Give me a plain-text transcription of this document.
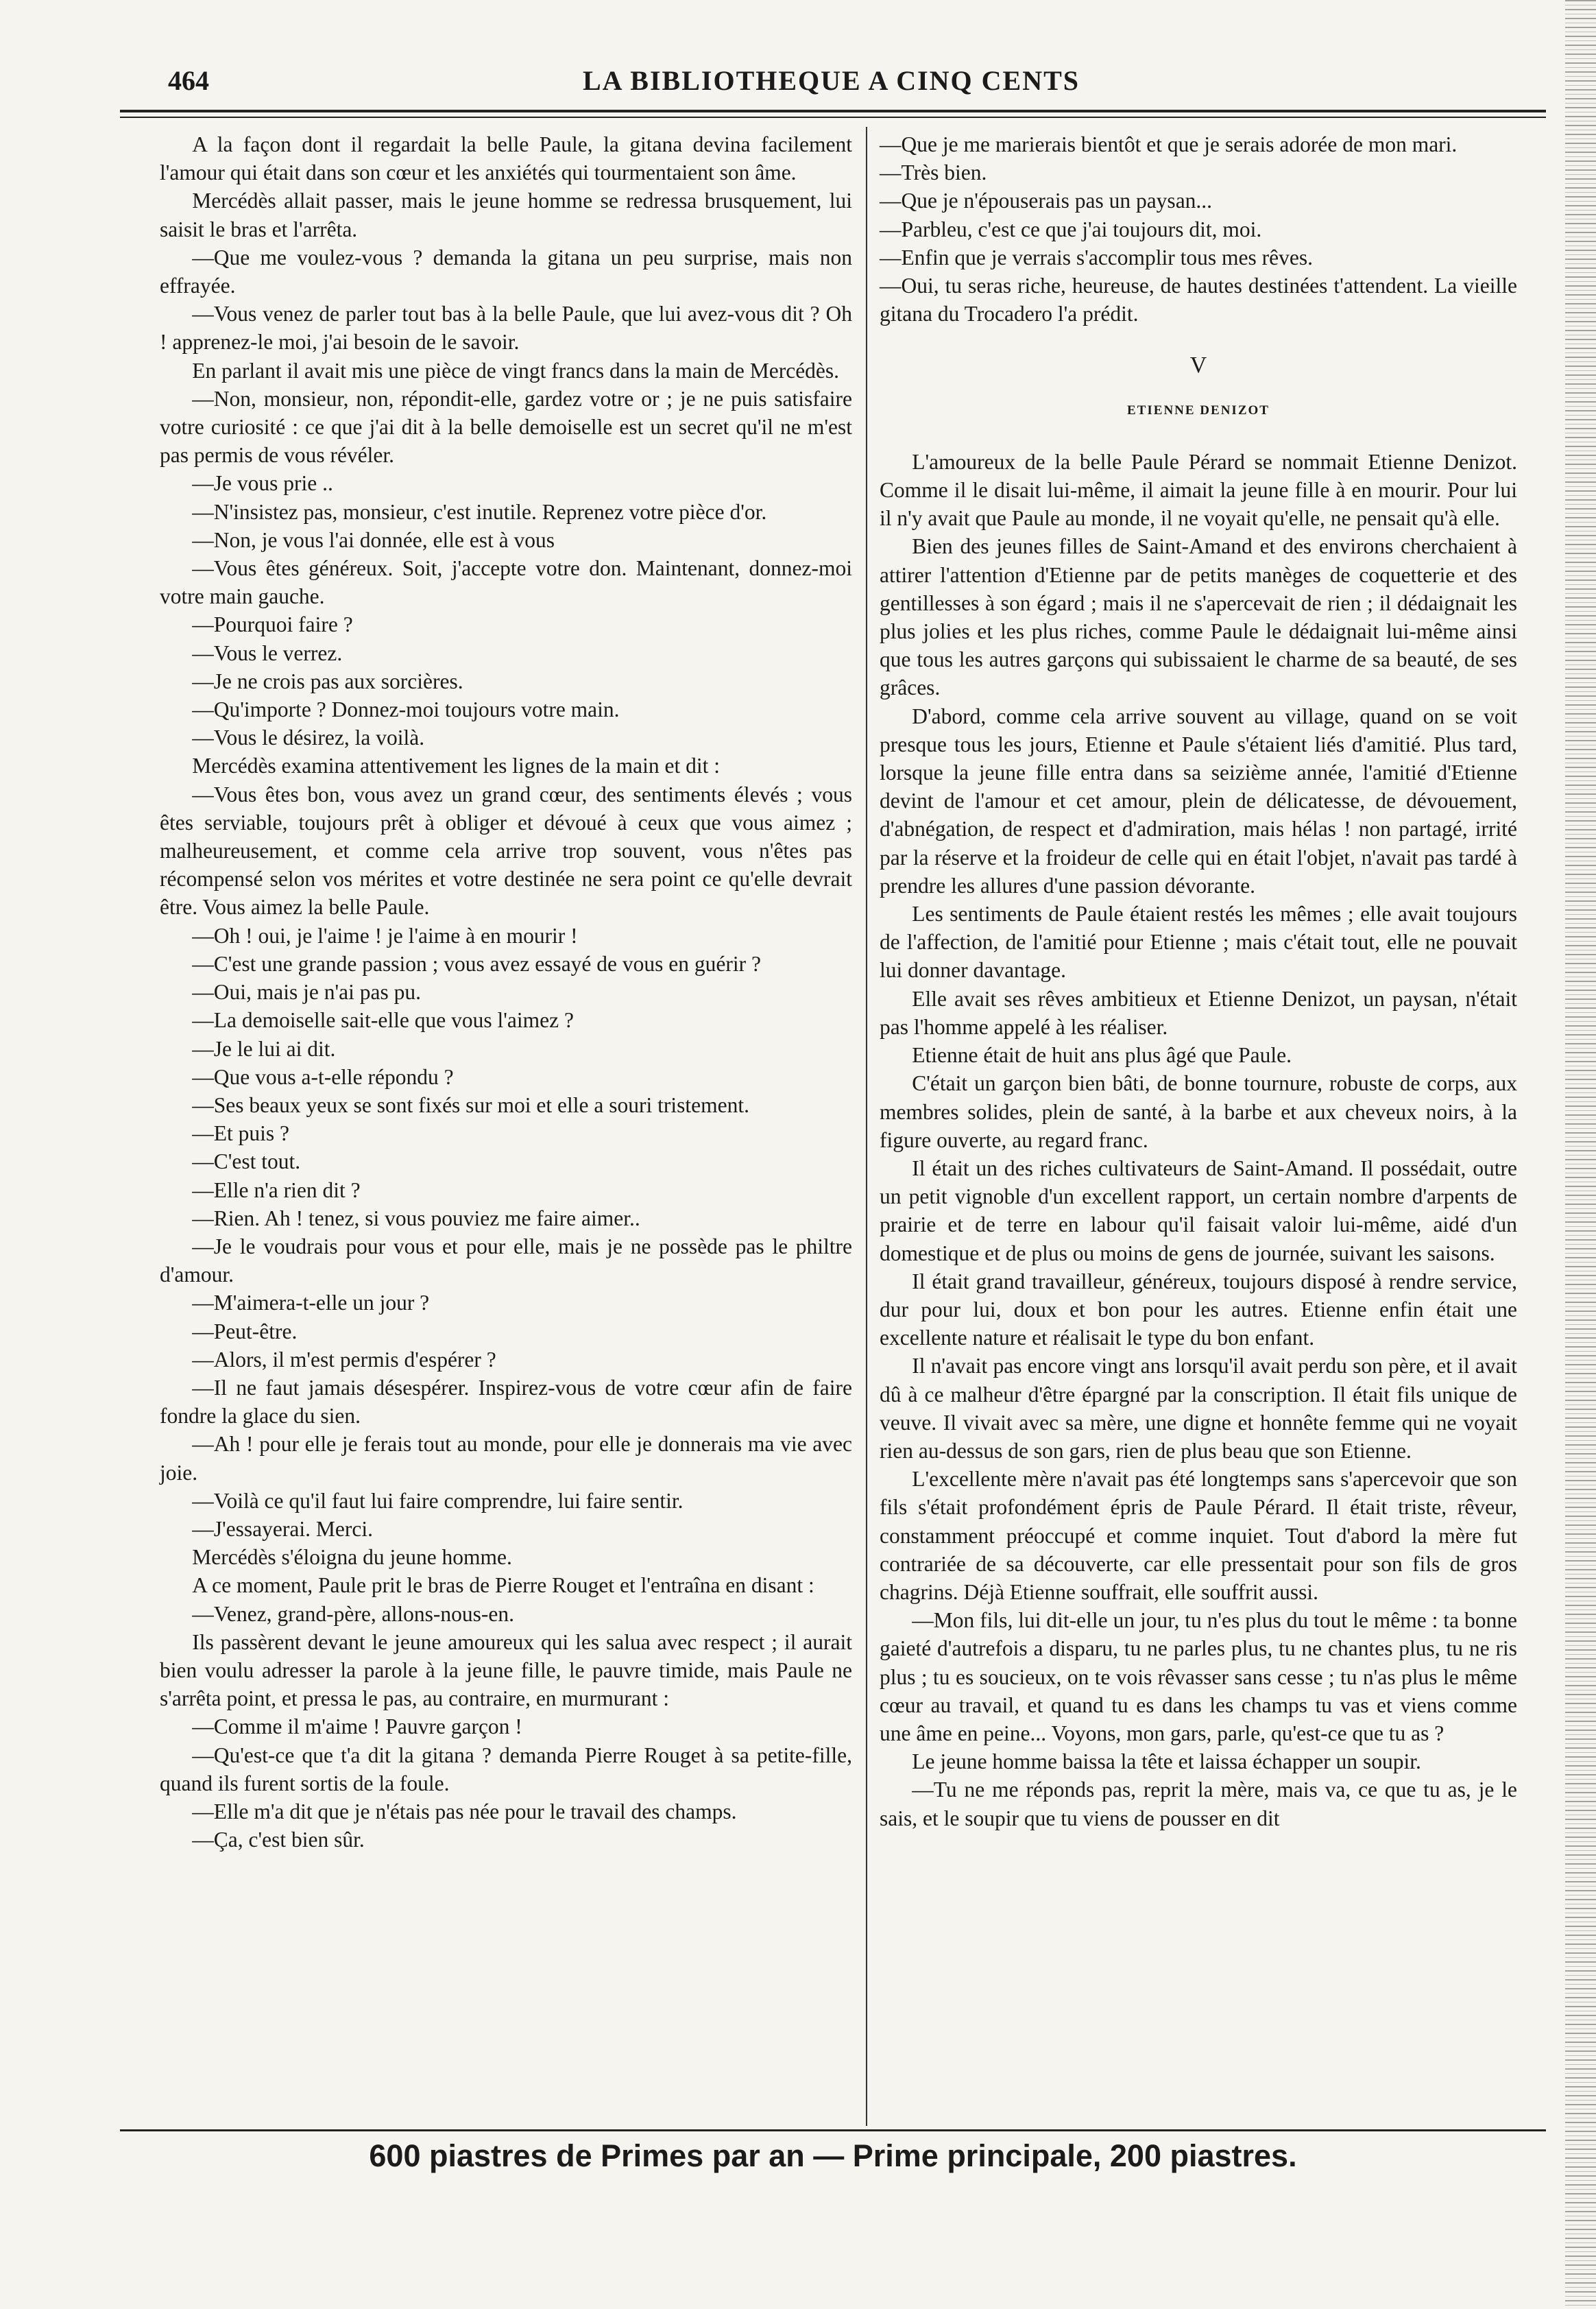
464	LA BIBLIOTHEQUE A CINQ CENTS

A la façon dont il regardait la belle Paule, la gitana devina facilement l'amour qui était dans son cœur et les anxiétés qui tourmentaient son âme.

Mercédès allait passer, mais le jeune homme se redressa brusquement, lui saisit le bras et l'arrêta.

—Que me voulez-vous ? demanda la gitana un peu surprise, mais non effrayée.

—Vous venez de parler tout bas à la belle Paule, que lui avez-vous dit ? Oh ! apprenez-le moi, j'ai besoin de le savoir.

En parlant il avait mis une pièce de vingt francs dans la main de Mercédès.

—Non, monsieur, non, répondit-elle, gardez votre or ; je ne puis satisfaire votre curiosité : ce que j'ai dit à la belle demoiselle est un secret qu'il ne m'est pas permis de vous révéler.

—Je vous prie ..

—N'insistez pas, monsieur, c'est inutile. Reprenez votre pièce d'or.

—Non, je vous l'ai donnée, elle est à vous

—Vous êtes généreux. Soit, j'accepte votre don. Maintenant, donnez-moi votre main gauche.

—Pourquoi faire ?

—Vous le verrez.

—Je ne crois pas aux sorcières.

—Qu'importe ? Donnez-moi toujours votre main.

—Vous le désirez, la voilà.

Mercédès examina attentivement les lignes de la main et dit :

—Vous êtes bon, vous avez un grand cœur, des sentiments élevés ; vous êtes serviable, toujours prêt à obliger et dévoué à ceux que vous aimez ; malheureusement, et comme cela arrive trop souvent, vous n'êtes pas récompensé selon vos mérites et votre destinée ne sera point ce qu'elle devrait être. Vous aimez la belle Paule.

—Oh ! oui, je l'aime ! je l'aime à en mourir !

—C'est une grande passion ; vous avez essayé de vous en guérir ?

—Oui, mais je n'ai pas pu.

—La demoiselle sait-elle que vous l'aimez ?

—Je le lui ai dit.

—Que vous a-t-elle répondu ?

—Ses beaux yeux se sont fixés sur moi et elle a souri tristement.

—Et puis ?

—C'est tout.

—Elle n'a rien dit ?

—Rien. Ah ! tenez, si vous pouviez me faire aimer..

—Je le voudrais pour vous et pour elle, mais je ne possède pas le philtre d'amour.

—M'aimera-t-elle un jour ?

—Peut-être.

—Alors, il m'est permis d'espérer ?

—Il ne faut jamais désespérer. Inspirez-vous de votre cœur afin de faire fondre la glace du sien.

—Ah ! pour elle je ferais tout au monde, pour elle je donnerais ma vie avec joie.

—Voilà ce qu'il faut lui faire comprendre, lui faire sentir.

—J'essayerai. Merci.

Mercédès s'éloigna du jeune homme.

A ce moment, Paule prit le bras de Pierre Rouget et l'entraîna en disant :

—Venez, grand-père, allons-nous-en.

Ils passèrent devant le jeune amoureux qui les salua avec respect ; il aurait bien voulu adresser la parole à la jeune fille, le pauvre timide, mais Paule ne s'arrêta point, et pressa le pas, au contraire, en murmurant :

—Comme il m'aime ! Pauvre garçon !

—Qu'est-ce que t'a dit la gitana ? demanda Pierre Rouget à sa petite-fille, quand ils furent sortis de la foule.

—Elle m'a dit que je n'étais pas née pour le travail des champs.

—Ça, c'est bien sûr.

—Que je me marierais bientôt et que je serais adorée de mon mari.

—Très bien.

—Que je n'épouserais pas un paysan...

—Parbleu, c'est ce que j'ai toujours dit, moi.

—Enfin que je verrais s'accomplir tous mes rêves.

—Oui, tu seras riche, heureuse, de hautes destinées t'attendent. La vieille gitana du Trocadero l'a prédit.

V
ETIENNE DENIZOT

L'amoureux de la belle Paule Pérard se nommait Etienne Denizot. Comme il le disait lui-même, il aimait la jeune fille à en mourir. Pour lui il n'y avait que Paule au monde, il ne voyait qu'elle, ne pensait qu'à elle.

Bien des jeunes filles de Saint-Amand et des environs cherchaient à attirer l'attention d'Etienne par de petits manèges de coquetterie et des gentillesses à son égard ; mais il ne s'apercevait de rien ; il dédaignait les plus jolies et les plus riches, comme Paule le dédaignait lui-même ainsi que tous les autres garçons qui subissaient le charme de sa beauté, de ses grâces.

D'abord, comme cela arrive souvent au village, quand on se voit presque tous les jours, Etienne et Paule s'étaient liés d'amitié. Plus tard, lorsque la jeune fille entra dans sa seizième année, l'amitié d'Etienne devint de l'amour et cet amour, plein de délicatesse, de dévouement, d'abnégation, de respect et d'admiration, mais hélas ! non partagé, irrité par la réserve et la froideur de celle qui en était l'objet, n'avait pas tardé à prendre les allures d'une passion dévorante.

Les sentiments de Paule étaient restés les mêmes ; elle avait toujours de l'affection, de l'amitié pour Etienne ; mais c'était tout, elle ne pouvait lui donner davantage.

Elle avait ses rêves ambitieux et Etienne Denizot, un paysan, n'était pas l'homme appelé à les réaliser.

Etienne était de huit ans plus âgé que Paule.

C'était un garçon bien bâti, de bonne tournure, robuste de corps, aux membres solides, plein de santé, à la barbe et aux cheveux noirs, à la figure ouverte, au regard franc.

Il était un des riches cultivateurs de Saint-Amand. Il possédait, outre un petit vignoble d'un excellent rapport, un certain nombre d'arpents de prairie et de terre en labour qu'il faisait valoir lui-même, aidé d'un domestique et de plus ou moins de gens de journée, suivant les saisons.

Il était grand travailleur, généreux, toujours disposé à rendre service, dur pour lui, doux et bon pour les autres. Etienne enfin était une excellente nature et réalisait le type du bon enfant.

Il n'avait pas encore vingt ans lorsqu'il avait perdu son père, et il avait dû à ce malheur d'être épargné par la conscription. Il était fils unique de veuve. Il vivait avec sa mère, une digne et honnête femme qui ne voyait rien au-dessus de son gars, rien de plus beau que son Etienne.

L'excellente mère n'avait pas été longtemps sans s'apercevoir que son fils s'était profondément épris de Paule Pérard. Il était triste, rêveur, constamment préoccupé et comme inquiet. Tout d'abord la mère fut contrariée de sa découverte, car elle pressentait pour son fils de gros chagrins. Déjà Etienne souffrait, elle souffrit aussi.

—Mon fils, lui dit-elle un jour, tu n'es plus du tout le même : ta bonne gaieté d'autrefois a disparu, tu ne parles plus, tu ne chantes plus, tu ne ris plus ; tu es soucieux, on te vois rêvasser sans cesse ; tu n'as plus le même cœur au travail, et quand tu es dans les champs tu vas et viens comme une âme en peine... Voyons, mon gars, parle, qu'est-ce que tu as ?

Le jeune homme baissa la tête et laissa échapper un soupir.

—Tu ne me réponds pas, reprit la mère, mais va, ce que tu as, je le sais, et le soupir que tu viens de pousser en dit

600 piastres de Primes par an — Prime principale, 200 piastres.
